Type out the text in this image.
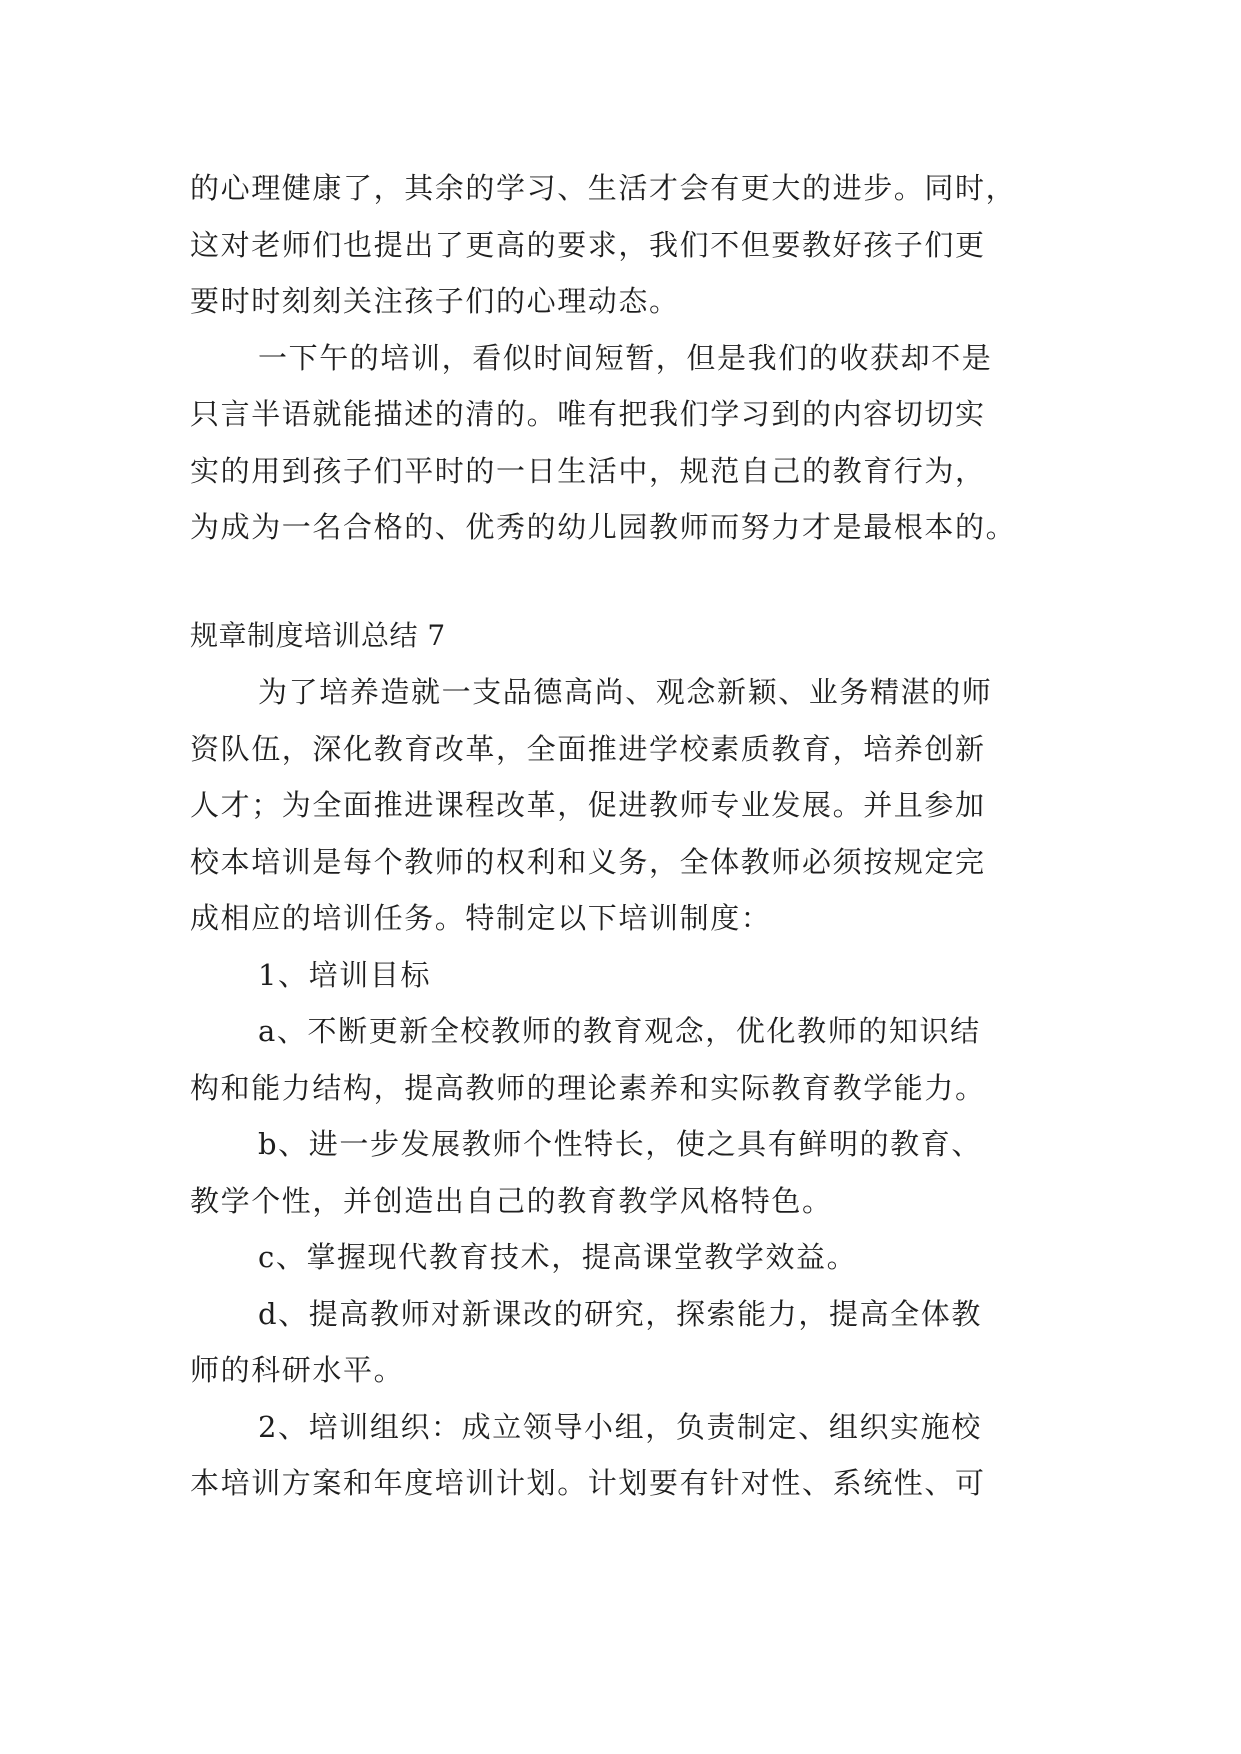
的心理健康了，其余的学习、生活才会有更大的进步。同时，
这对老师们也提出了更高的要求，我们不但要教好孩子们更
要时时刻刻关注孩子们的心理动态。

一下午的培训，看似时间短暂，但是我们的收获却不是
只言半语就能描述的清的。唯有把我们学习到的内容切切实
实的用到孩子们平时的一日生活中，规范自己的教育行为，
为成为一名合格的、优秀的幼儿园教师而努力才是最根本的。

规章制度培训总结 7

为了培养造就一支品德高尚、观念新颖、业务精湛的师
资队伍，深化教育改革，全面推进学校素质教育，培养创新
人才；为全面推进课程改革，促进教师专业发展。并且参加
校本培训是每个教师的权利和义务，全体教师必须按规定完
成相应的培训任务。特制定以下培训制度：

1、培训目标

a、不断更新全校教师的教育观念，优化教师的知识结
构和能力结构，提高教师的理论素养和实际教育教学能力。

b、进一步发展教师个性特长，使之具有鲜明的教育、
教学个性，并创造出自己的教育教学风格特色。

c、掌握现代教育技术，提高课堂教学效益。

d、提高教师对新课改的研究，探索能力，提高全体教
师的科研水平。

2、培训组织：成立领导小组，负责制定、组织实施校
本培训方案和年度培训计划。计划要有针对性、系统性、可
